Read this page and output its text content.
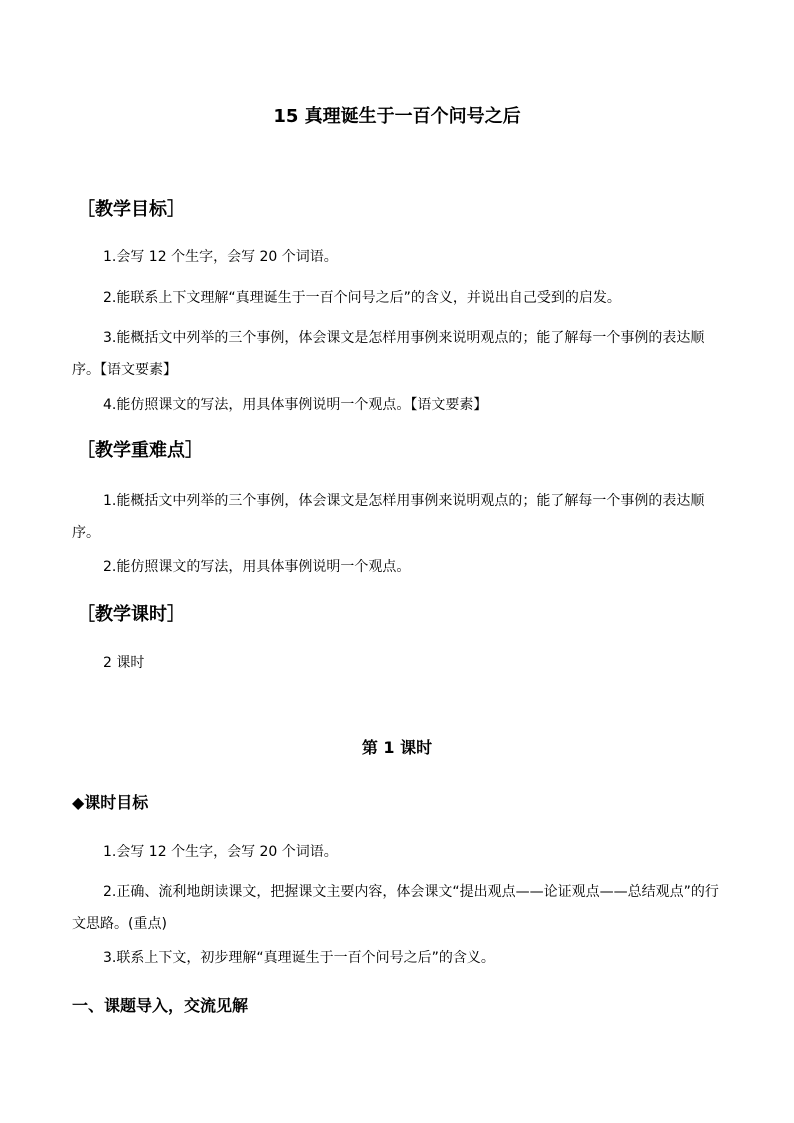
15 真理诞生于一百个问号之后
［教学目标］
1.会写 12 个生字，会写 20 个词语。
2.能联系上下文理解“真理诞生于一百个问号之后”的含义，并说出自己受到的启发。
3.能概括文中列举的三个事例，体会课文是怎样用事例来说明观点的；能了解每一个事例的表达顺序。【语文要素】
4.能仿照课文的写法，用具体事例说明一个观点。【语文要素】
［教学重难点］
1.能概括文中列举的三个事例，体会课文是怎样用事例来说明观点的；能了解每一个事例的表达顺序。
2.能仿照课文的写法，用具体事例说明一个观点。
［教学课时］
2 课时
第 1 课时
◆课时目标
1.会写 12 个生字，会写 20 个词语。
2.正确、流利地朗读课文，把握课文主要内容，体会课文“提出观点——论证观点——总结观点”的行文思路。(重点)
3.联系上下文，初步理解“真理诞生于一百个问号之后”的含义。
一、课题导入，交流见解
